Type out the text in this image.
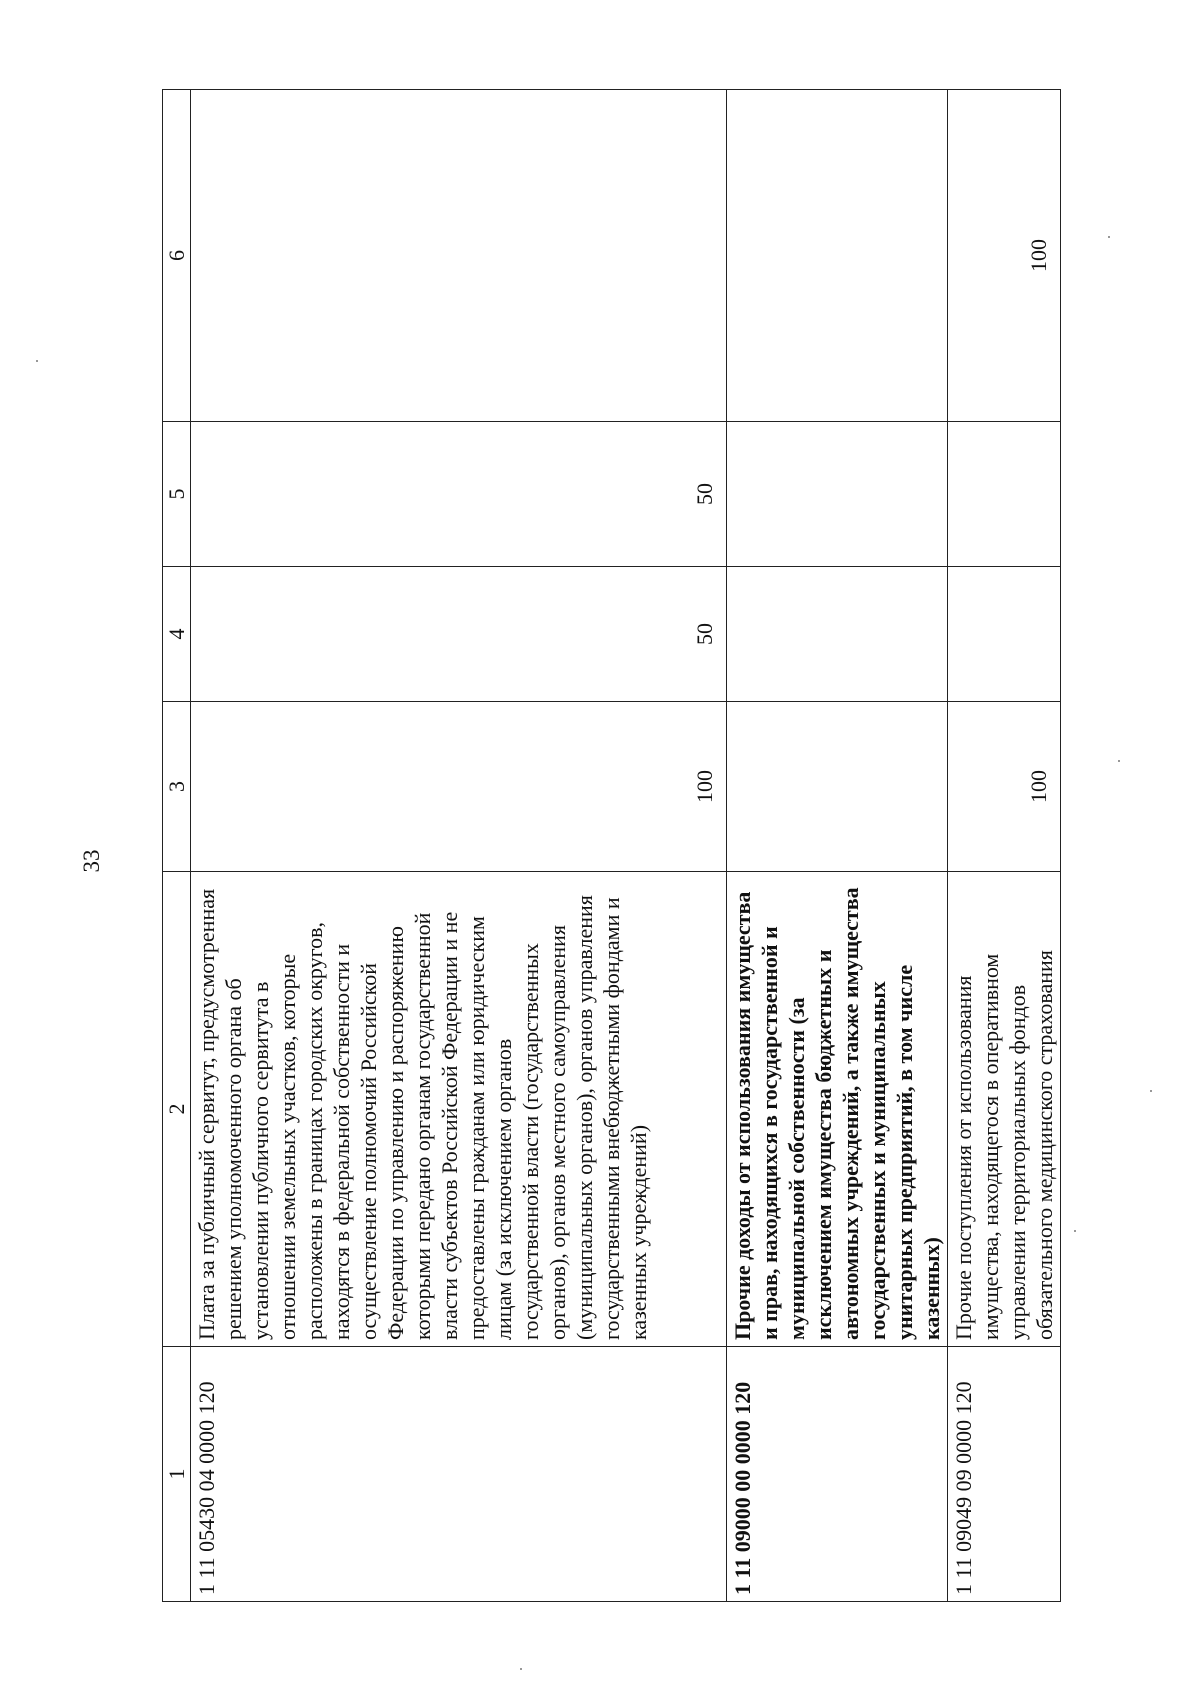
33
1	2	3	4	5	6
1 11 05430 04 0000 120	Плата за публичный сервитут, предусмотренная решением уполномоченного органа об установлении публичного сервитута в отношении земельных участков, которые расположены в границах городских округов, находятся в федеральной собственности и осуществление полномочий Российской Федерации по управлению и распоряжению которыми передано органам государственной власти субъектов Российской Федерации и не предоставлены гражданам или юридическим лицам (за исключением органов государственной власти (государственных органов), органов местного самоуправления (муниципальных органов), органов управления государственными внебюджетными фондами и казенных учреждений)	100	50	50	
1 11 09000 00 0000 120	Прочие доходы от использования имущества и прав, находящихся в государственной и муниципальной собственности (за исключением имущества бюджетных и автономных учреждений, а также имущества государственных и муниципальных унитарных предприятий, в том числе казенных)				
1 11 09049 09 0000 120	Прочие поступления от использования имущества, находящегося в оперативном управлении территориальных фондов обязательного медицинского страхования	100			100
